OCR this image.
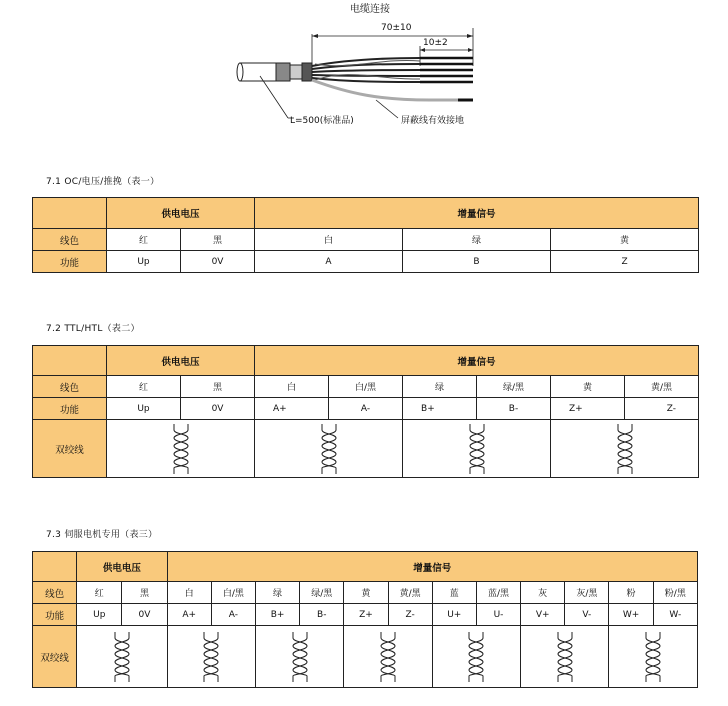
电缆连接
70±10
10±2
L=500(标准品)	屏蔽线有效接地
7.1 OC/电压/推挽（表一）
	供电电压		增量信号		
线色	红	黑	白	绿	黄
功能	Up	0V	A	B	Z
7.2 TTL/HTL（表二）
	供电电压		增量信号					
线色	红	黑	白	白/黑	绿	绿/黑	黄	黄/黑
功能	Up	0V	A+	A-	B+	B-	Z+	Z-
双绞线	

7.3 伺服电机专用（表三）
	供电电压		增量信号											
线色	红	黑	白	白/黑	绿	绿/黑	黄	黄/黑	蓝	蓝/黑	灰	灰/黑	粉	粉/黑
功能	Up	0V	A+	A-	B+	B-	Z+	Z-	U+	U-	V+	V-	W+	W-
双绞线	
